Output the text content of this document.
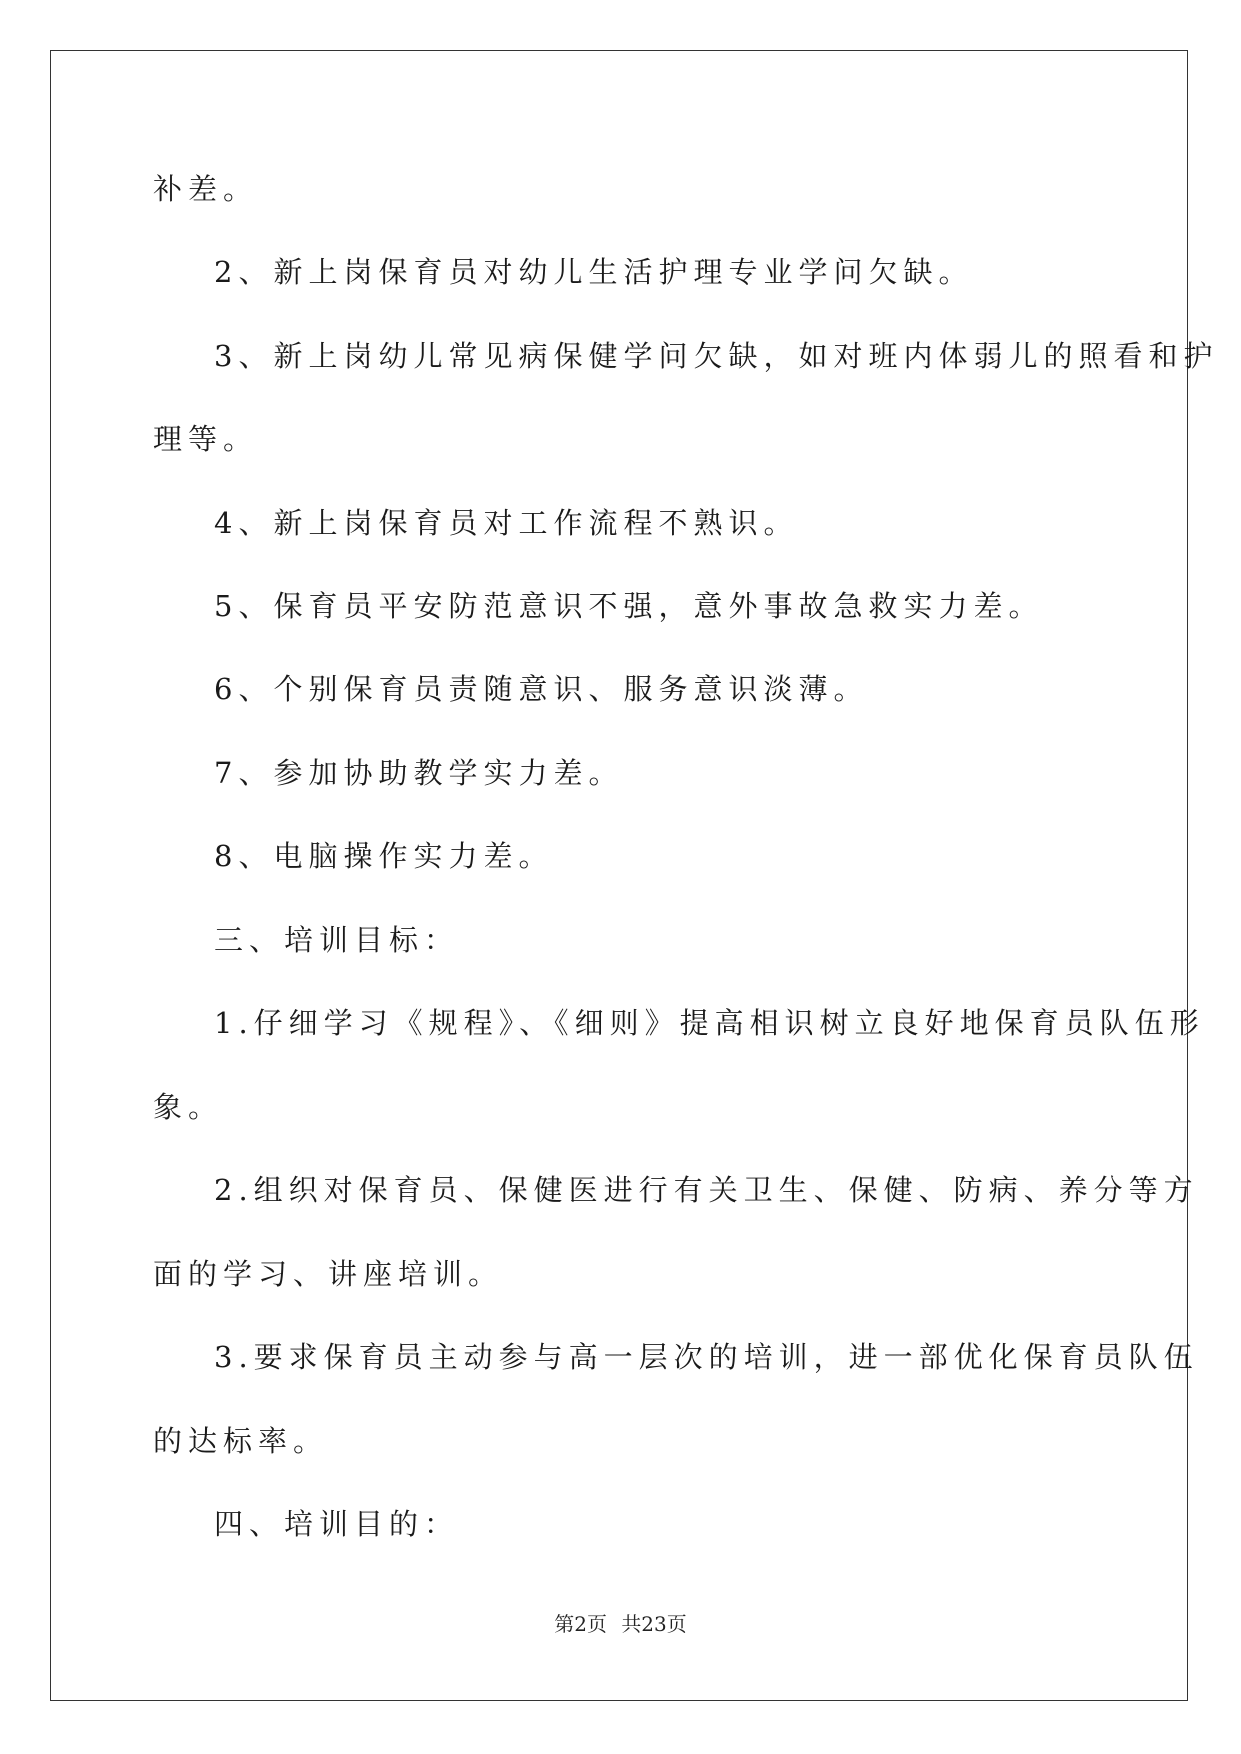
补差。
2、新上岗保育员对幼儿生活护理专业学问欠缺。
3、新上岗幼儿常见病保健学问欠缺，如对班内体弱儿的照看和护
理等。
4、新上岗保育员对工作流程不熟识。
5、保育员平安防范意识不强，意外事故急救实力差。
6、个别保育员责随意识、服务意识淡薄。
7、参加协助教学实力差。
8、电脑操作实力差。
三、培训目标：
1.仔细学习《规程》、《细则》提高相识树立良好地保育员队伍形
象。
2.组织对保育员、保健医进行有关卫生、保健、防病、养分等方
面的学习、讲座培训。
3.要求保育员主动参与高一层次的培训，进一部优化保育员队伍
的达标率。
四、培训目的：
第2页 共23页
